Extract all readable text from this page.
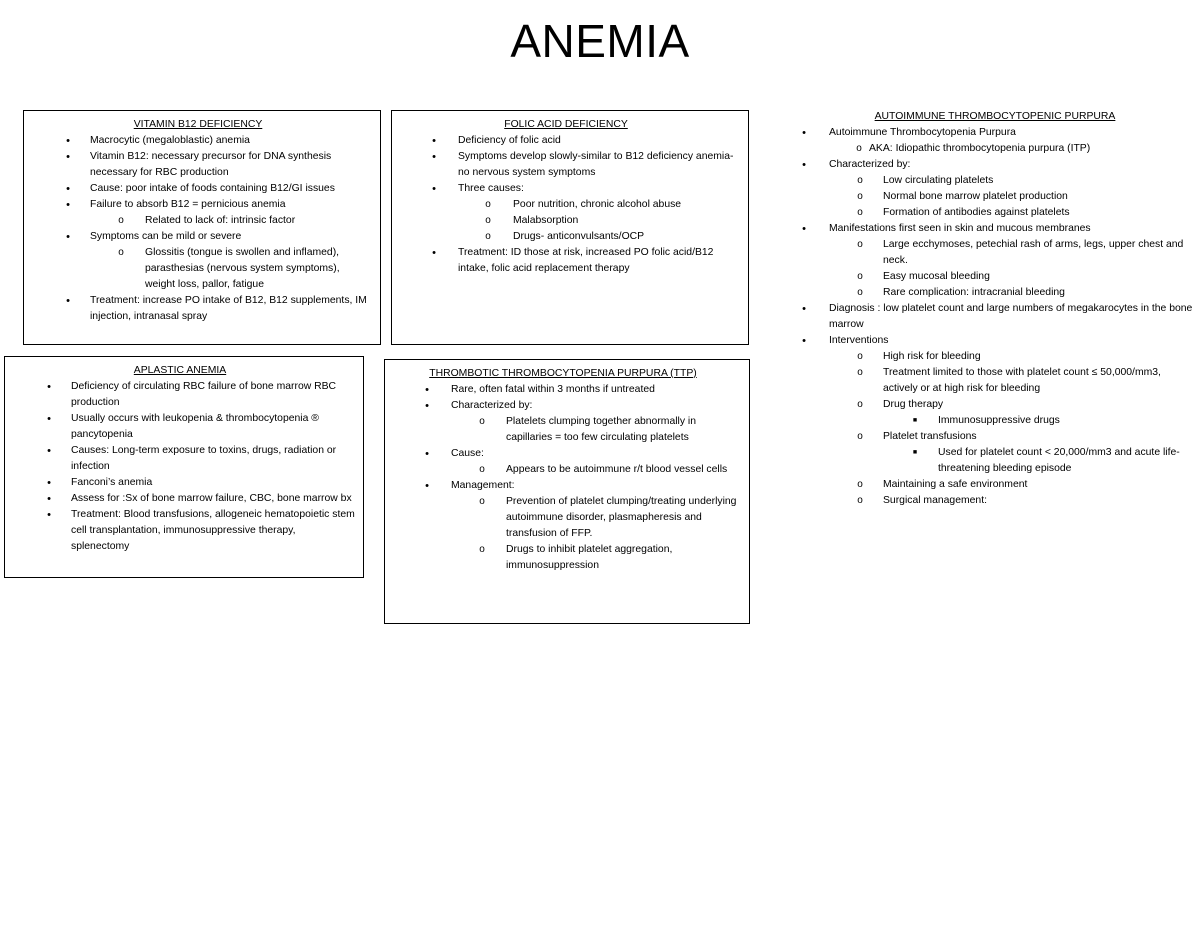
ANEMIA
VITAMIN B12 DEFICIENCY
•	Macrocytic (megaloblastic) anemia
•	Vitamin B12: necessary precursor for DNA synthesis necessary for RBC production
•	Cause: poor intake of foods containing B12/GI issues
•	Failure to absorb B12 = pernicious anemia
o	Related to lack of: intrinsic factor
•	Symptoms can be mild or severe
o	Glossitis (tongue is swollen and inflamed), parasthesias (nervous system symptoms), weight loss, pallor, fatigue
•	Treatment: increase PO intake of B12, B12 supplements, IM injection, intranasal spray
FOLIC ACID DEFICIENCY
•	Deficiency of folic acid
•	Symptoms develop slowly-similar to B12 deficiency anemia- no nervous system symptoms
•	Three causes:
o	Poor nutrition, chronic alcohol abuse
o	Malabsorption
o	Drugs- anticonvulsants/OCP
•	Treatment: ID those at risk, increased PO folic acid/B12 intake, folic acid replacement therapy
AUTOIMMUNE THROMBOCYTOPENIC PURPURA
•	Autoimmune Thrombocytopenia Purpura
o AKA: Idiopathic thrombocytopenia purpura (ITP)
•	Characterized by:
o	Low circulating platelets
o	Normal bone marrow platelet production
o	Formation of antibodies against platelets
•	Manifestations first seen in skin and mucous membranes
o	Large ecchymoses, petechial rash of arms, legs, upper chest and neck.
o	Easy mucosal bleeding
o	Rare complication: intracranial bleeding
•	Diagnosis : low platelet count and large numbers of megakarocytes in the bone marrow
•	Interventions
o	High risk for bleeding
o	Treatment limited to those with platelet count ≤ 50,000/mm3, actively or at high risk for bleeding
o	Drug therapy
■	Immunosuppressive drugs
o	Platelet transfusions
■	Used for platelet count < 20,000/mm3 and acute life-threatening bleeding episode
o	Maintaining a safe environment
o	Surgical management:
APLASTIC ANEMIA
•	Deficiency of circulating RBC failure of bone marrow RBC production
•	Usually occurs with leukopenia & thrombocytopenia ® pancytopenia
•	Causes: Long-term exposure to toxins, drugs, radiation or infection
•	Fanconi’s anemia
•	Assess for :Sx of bone marrow failure, CBC, bone marrow bx
•	Treatment: Blood transfusions, allogeneic hematopoietic stem cell transplantation, immunosuppressive therapy, splenectomy
THROMBOTIC THROMBOCYTOPENIA PURPURA (TTP)
•	Rare, often fatal within 3 months if untreated
•	Characterized by:
o	Platelets clumping together abnormally in capillaries = too few circulating platelets
•	Cause:
o	Appears to be autoimmune r/t blood vessel cells
•	Management:
o	Prevention of platelet clumping/treating underlying autoimmune disorder, plasmapheresis and transfusion of FFP.
o	Drugs to inhibit platelet aggregation, immunosuppression
